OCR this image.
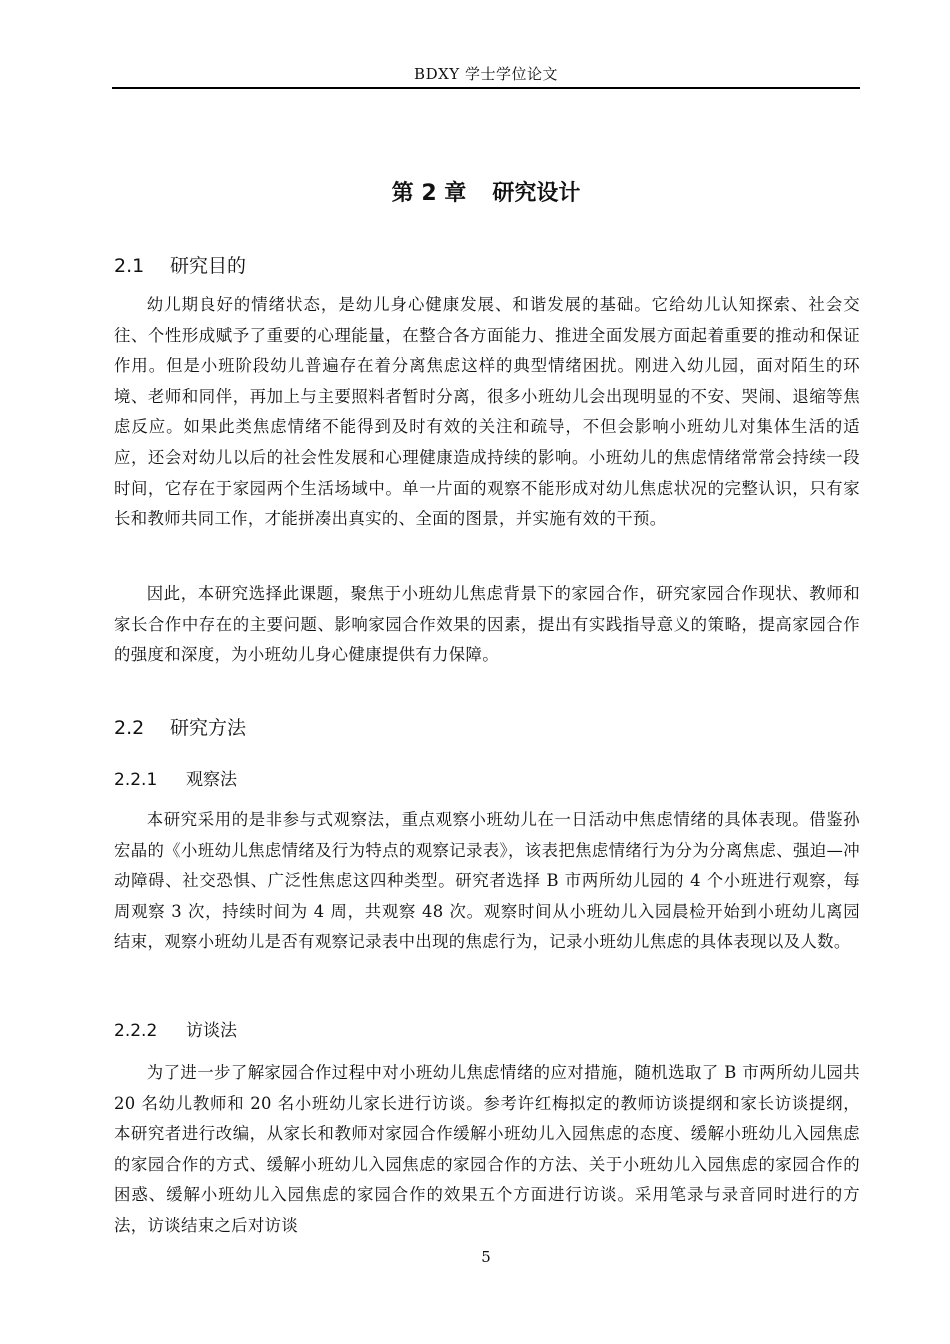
BDXY 学士学位论文
第 2 章 研究设计
2.1 研究目的

幼儿期良好的情绪状态，是幼儿身心健康发展、和谐发展的基础。它给幼儿认知探索、社会交往、个性形成赋予了重要的心理能量，在整合各方面能力、推进全面发展方面起着重要的推动和保证作用。但是小班阶段幼儿普遍存在着分离焦虑这样的典型情绪困扰。刚进入幼儿园，面对陌生的环境、老师和同伴，再加上与主要照料者暂时分离，很多小班幼儿会出现明显的不安、哭闹、退缩等焦虑反应。如果此类焦虑情绪不能得到及时有效的关注和疏导，不但会影响小班幼儿对集体生活的适应，还会对幼儿以后的社会性发展和心理健康造成持续的影响。小班幼儿的焦虑情绪常常会持续一段时间，它存在于家园两个生活场域中。单一片面的观察不能形成对幼儿焦虑状况的完整认识，只有家长和教师共同工作，才能拼凑出真实的、全面的图景，并实施有效的干预。

因此，本研究选择此课题，聚焦于小班幼儿焦虑背景下的家园合作，研究家园合作现状、教师和家长合作中存在的主要问题、影响家园合作效果的因素，提出有实践指导意义的策略，提高家园合作的强度和深度，为小班幼儿身心健康提供有力保障。

2.2 研究方法
2.2.1 观察法

本研究采用的是非参与式观察法，重点观察小班幼儿在一日活动中焦虑情绪的具体表现。借鉴孙宏晶的《小班幼儿焦虑情绪及行为特点的观察记录表》，该表把焦虑情绪行为分为分离焦虑、强迫—冲动障碍、社交恐惧、广泛性焦虑这四种类型。研究者选择 B 市两所幼儿园的 4 个小班进行观察，每周观察 3 次，持续时间为 4 周，共观察 48 次。观察时间从小班幼儿入园晨检开始到小班幼儿离园结束，观察小班幼儿是否有观察记录表中出现的焦虑行为，记录小班幼儿焦虑的具体表现以及人数。

2.2.2 访谈法

为了进一步了解家园合作过程中对小班幼儿焦虑情绪的应对措施，随机选取了 B 市两所幼儿园共 20 名幼儿教师和 20 名小班幼儿家长进行访谈。参考许红梅拟定的教师访谈提纲和家长访谈提纲，本研究者进行改编，从家长和教师对家园合作缓解小班幼儿入园焦虑的态度、缓解小班幼儿入园焦虑的家园合作的方式、缓解小班幼儿入园焦虑的家园合作的方法、关于小班幼儿入园焦虑的家园合作的困惑、缓解小班幼儿入园焦虑的家园合作的效果五个方面进行访谈。采用笔录与录音同时进行的方法，访谈结束之后对访谈

5
